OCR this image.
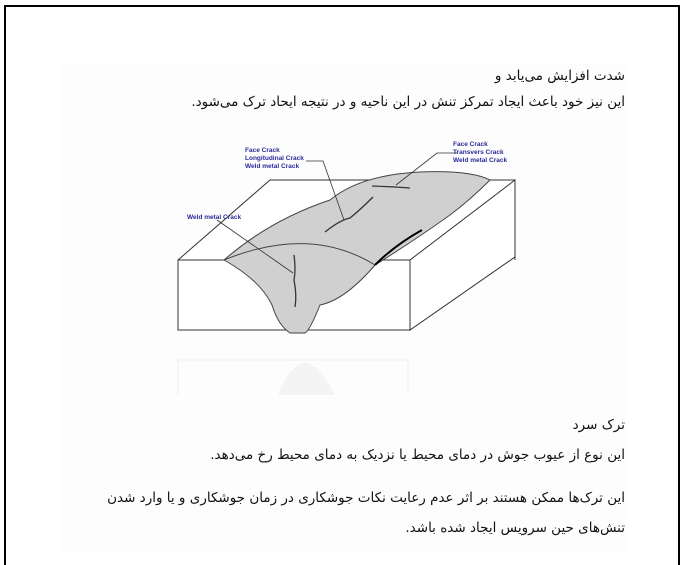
شدت افزایش می‌یابد و
این نیز خود باعث ایجاد تمرکز تنش در این ناحیه و در نتیجه ایحاد ترک می‌شود.
Face Crack
Longitudinal Crack
Weld metal Crack
Face Crack
Transvers Crack
Weld metal Crack
Weld metal Crack
ترک سرد
این نوع از عیوب جوش در دمای محیط یا نزدیک به دمای محیط رخ می‌دهد.
این ترک‌ها ممکن هستند بر اثر عدم رعایت نکات جوشکاری در زمان جوشکاری و یا وارد شدن تنش‌های حین سرویس ایجاد شده باشد.
